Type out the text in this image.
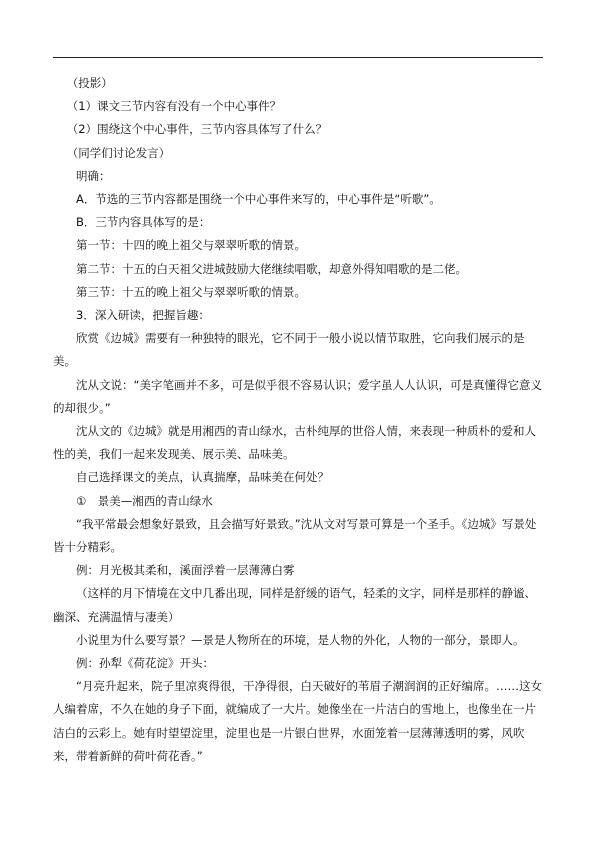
（投影）

（1）课文三节内容有没有一个中心事件？

（2）围绕这个中心事件，三节内容具体写了什么？

（同学们讨论发言）

明确：

A．节选的三节内容都是围绕一个中心事件来写的，中心事件是“听歌”。

B．三节内容具体写的是：

第一节：十四的晚上祖父与翠翠听歌的情景。

第二节：十五的白天祖父进城鼓励大佬继续唱歌，却意外得知唱歌的是二佬。

第三节：十五的晚上祖父与翠翠听歌的情景。

3．深入研读，把握旨趣：

欣赏《边城》需要有一种独特的眼光，它不同于一般小说以情节取胜，它向我们展示的是美。

沈从文说：“美字笔画并不多，可是似乎很不容易认识；爱字虽人人认识，可是真懂得它意义的却很少。”

沈从文的《边城》就是用湘西的青山绿水，古朴纯厚的世俗人情，来表现一种质朴的爱和人性的美，我们一起来发现美、展示美、品味美。

自己选择课文的美点，认真揣摩，品味美在何处？

①　景美—湘西的青山绿水

“我平常最会想象好景致，且会描写好景致。”沈从文对写景可算是一个圣手。《边城》写景处皆十分精彩。

例：月光极其柔和，溪面浮着一层薄薄白雾

（这样的月下情境在文中几番出现，同样是舒缓的语气，轻柔的文字，同样是那样的静谧、幽深、充满温情与凄美）

小说里为什么要写景？—景是人物所在的环境，是人物的外化，人物的一部分，景即人。

例：孙犁《荷花淀》开头：

“月亮升起来，院子里凉爽得很，干净得很，白天破好的苇眉子潮润润的正好编席。……这女人编着席，不久在她的身子下面，就编成了一大片。她像坐在一片洁白的雪地上，也像坐在一片洁白的云彩上。她有时望望淀里，淀里也是一片银白世界，水面笼着一层薄薄透明的雾，风吹来，带着新鲜的荷叶荷花香。”
